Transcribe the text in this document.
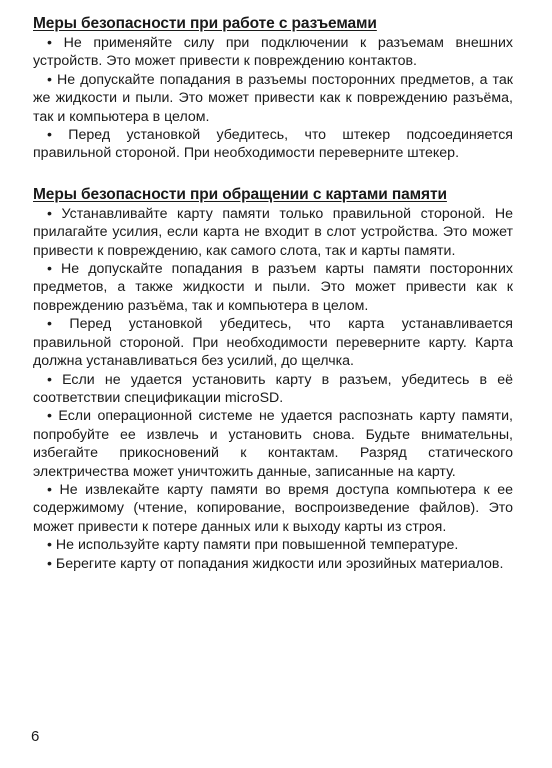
Меры безопасности при работе с разъемами

• Не применяйте силу при подключении к разъемам внешних устройств. Это может привести к повреждению контактов.

• Не допускайте попадания в разъемы посторонних предметов, а так же жидкости и пыли. Это может привести как к повреждению разъёма, так и компьютера в целом.

• Перед установкой убедитесь, что штекер подсоединяется правильной стороной. При необходимости переверните штекер.

Меры безопасности при обращении с картами памяти

• Устанавливайте карту памяти только правильной стороной. Не прилагайте усилия, если карта не входит в слот устройства. Это может привести к повреждению, как самого слота, так и карты памяти.

• Не допускайте попадания в разъем карты памяти посторонних предметов, а также жидкости и пыли. Это может привести как к повреждению разъёма, так и компьютера в целом.

• Перед установкой убедитесь, что карта устанавливается правильной стороной. При необходимости переверните карту. Карта должна устанавливаться без усилий, до щелчка.

• Если не удается установить карту в разъем, убедитесь в её соответствии спецификации microSD.

• Если операционной системе не удается распознать карту памяти, попробуйте ее извлечь и установить снова. Будьте внимательны, избегайте прикосновений к контактам. Разряд статического электричества может уничтожить данные, записанные на карту.

• Не извлекайте карту памяти во время доступа компьютера к ее содержимому (чтение, копирование, воспроизведение файлов). Это может привести к потере данных или к выходу карты из строя.

• Не используйте карту памяти при повышенной температуре.

• Берегите карту от попадания жидкости или эрозийных материалов.

6
